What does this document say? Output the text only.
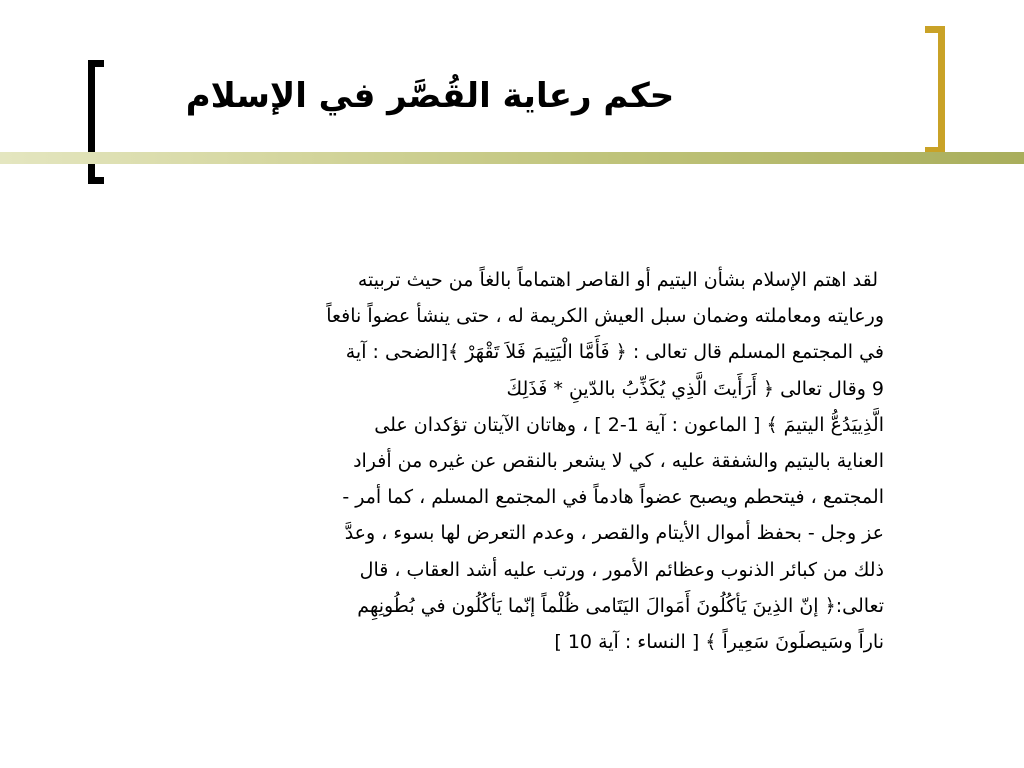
حكم رعاية القُصَّر في الإسلام
لقد اهتم الإسلام بشأن اليتيم أو القاصر اهتماماً بالغاً من حيث تربيته
ورعايته ومعاملته وضمان سبل العيش الكريمة له ، حتى ينشأ عضواً نافعاً
في المجتمع المسلم قال تعالى : ﴿ فَأَمَّا الْيَتِيمَ فَلاَ تَقْهَرْ ﴾[الضحى : آية
9 وقال تعالى ﴿ أَرَأَيتَ الَّذِي يُكَذِّبُ بالدّينِ * فَذَلِكَ
الَّذِييَدُعُّ اليتيمَ ﴾ [ الماعون : آية 1-2 ] ، وهاتان الآيتان تؤكدان على
العناية باليتيم والشفقة عليه ، كي لا يشعر بالنقص عن غيره من أفراد
المجتمع ، فيتحطم ويصبح عضواً هادماً في المجتمع المسلم ، كما أمر -
عز وجل - بحفظ أموال الأيتام والقصر ، وعدم التعرض لها بسوء ، وعدَّ
ذلك من كبائر الذنوب وعظائم الأمور ، ورتب عليه أشد العقاب ، قال
تعالى:﴿ إنّ الذِينَ يَأكُلُونَ أَمَوالَ اليَتَامى ظُلْماً إنّما يَأكُلُون في بُطُونِهِم
ناراً وسَيصلَونَ سَعِيراً ﴾ [ النساء : آية 10 ]
